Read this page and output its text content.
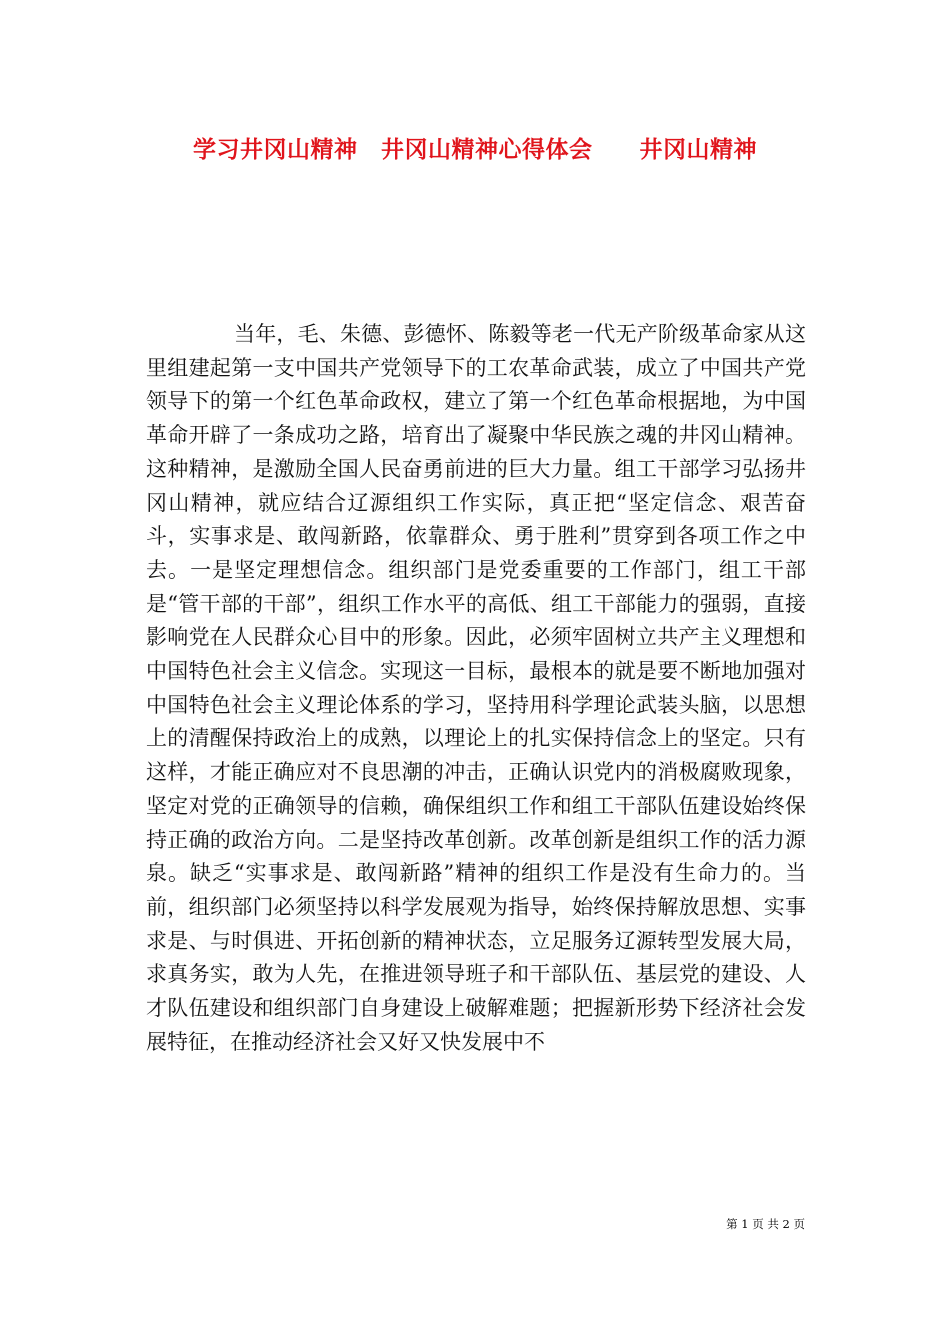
学习井冈山精神　井冈山精神心得体会　　井冈山精神

当年，毛、朱德、彭德怀、陈毅等老一代无产阶级革命家从这里组建起第一支中国共产党领导下的工农革命武装，成立了中国共产党领导下的第一个红色革命政权，建立了第一个红色革命根据地，为中国革命开辟了一条成功之路，培育出了凝聚中华民族之魂的井冈山精神。这种精神，是激励全国人民奋勇前进的巨大力量。组工干部学习弘扬井冈山精神，就应结合辽源组织工作实际，真正把“坚定信念、艰苦奋斗，实事求是、敢闯新路，依靠群众、勇于胜利”贯穿到各项工作之中去。一是坚定理想信念。组织部门是党委重要的工作部门，组工干部是“管干部的干部”，组织工作水平的高低、组工干部能力的强弱，直接影响党在人民群众心目中的形象。因此，必须牢固树立共产主义理想和中国特色社会主义信念。实现这一目标，最根本的就是要不断地加强对中国特色社会主义理论体系的学习，坚持用科学理论武装头脑，以思想上的清醒保持政治上的成熟，以理论上的扎实保持信念上的坚定。只有这样，才能正确应对不良思潮的冲击，正确认识党内的消极腐败现象，坚定对党的正确领导的信赖，确保组织工作和组工干部队伍建设始终保持正确的政治方向。二是坚持改革创新。改革创新是组织工作的活力源泉。缺乏“实事求是、敢闯新路”精神的组织工作是没有生命力的。当前，组织部门必须坚持以科学发展观为指导，始终保持解放思想、实事求是、与时俱进、开拓创新的精神状态，立足服务辽源转型发展大局，求真务实，敢为人先，在推进领导班子和干部队伍、基层党的建设、人才队伍建设和组织部门自身建设上破解难题；把握新形势下经济社会发展特征，在推动经济社会又好又快发展中不

第 1 页 共 2 页
